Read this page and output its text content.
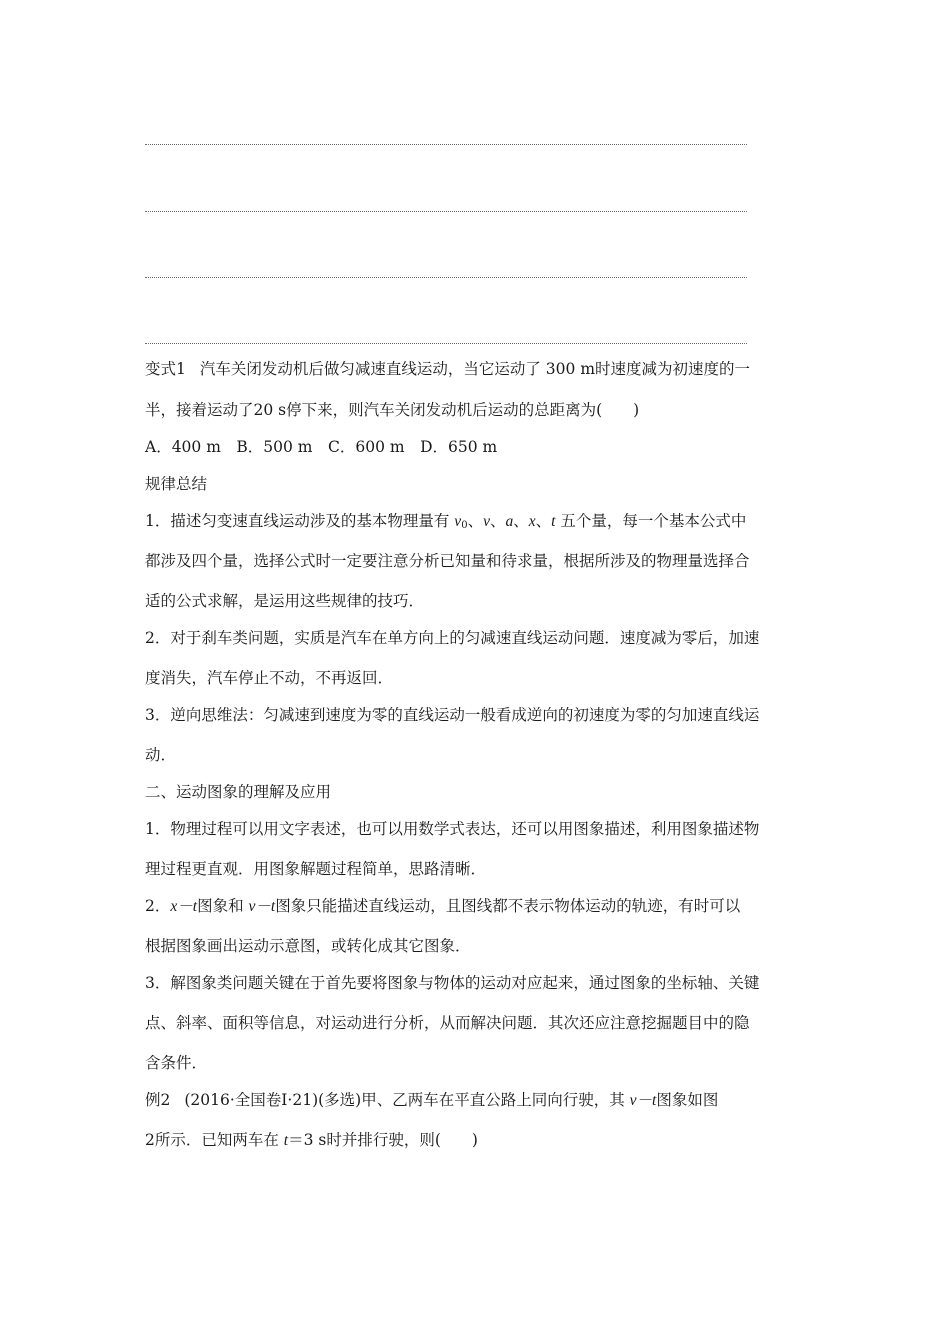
变式1 汽车关闭发动机后做匀减速直线运动，当它运动了 300 m时速度减为初速度的一
半，接着运动了20 s停下来，则汽车关闭发动机后运动的总距离为(　　)
A．400 m　B．500 m　C．600 m　D．650 m
规律总结
1．描述匀变速直线运动涉及的基本物理量有 $v_0$、v、a、x、t 五个量，每一个基本公式中
都涉及四个量，选择公式时一定要注意分析已知量和待求量，根据所涉及的物理量选择合
适的公式求解，是运用这些规律的技巧．
2．对于刹车类问题，实质是汽车在单方向上的匀减速直线运动问题．速度减为零后，加速
度消失，汽车停止不动，不再返回．
3．逆向思维法：匀减速到速度为零的直线运动一般看成逆向的初速度为零的匀加速直线运
动．
二、运动图象的理解及应用
1．物理过程可以用文字表述，也可以用数学式表达，还可以用图象描述，利用图象描述物
理过程更直观．用图象解题过程简单，思路清晰．
2．x－t图象和 v－t图象只能描述直线运动，且图线都不表示物体运动的轨迹，有时可以
根据图象画出运动示意图，或转化成其它图象．
3．解图象类问题关键在于首先要将图象与物体的运动对应起来，通过图象的坐标轴、关键
点、斜率、面积等信息，对运动进行分析，从而解决问题．其次还应注意挖掘题目中的隐
含条件．
例2 (2016·全国卷Ⅰ·21)(多选)甲、乙两车在平直公路上同向行驶，其 v－t图象如图
2所示．已知两车在 t＝3 s时并排行驶，则(　　)
